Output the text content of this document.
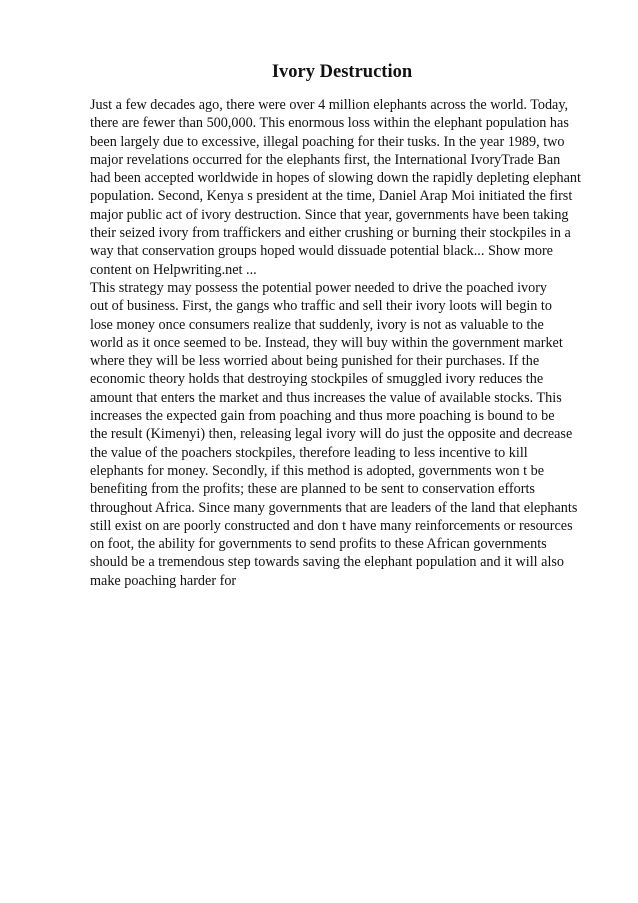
Ivory Destruction
Just a few decades ago, there were over 4 million elephants across the world. Today,
there are fewer than 500,000. This enormous loss within the elephant population has
been largely due to excessive, illegal poaching for their tusks. In the year 1989, two
major revelations occurred for the elephants first, the International IvoryTrade Ban
had been accepted worldwide in hopes of slowing down the rapidly depleting elephant
population. Second, Kenya s president at the time, Daniel Arap Moi initiated the first
major public act of ivory destruction. Since that year, governments have been taking
their seized ivory from traffickers and either crushing or burning their stockpiles in a
way that conservation groups hoped would dissuade potential black... Show more
content on Helpwriting.net ...
This strategy may possess the potential power needed to drive the poached ivory
out of business. First, the gangs who traffic and sell their ivory loots will begin to
lose money once consumers realize that suddenly, ivory is not as valuable to the
world as it once seemed to be. Instead, they will buy within the government market
where they will be less worried about being punished for their purchases. If the
economic theory holds that destroying stockpiles of smuggled ivory reduces the
amount that enters the market and thus increases the value of available stocks. This
increases the expected gain from poaching and thus more poaching is bound to be
the result (Kimenyi) then, releasing legal ivory will do just the opposite and decrease
the value of the poachers stockpiles, therefore leading to less incentive to kill
elephants for money. Secondly, if this method is adopted, governments won t be
benefiting from the profits; these are planned to be sent to conservation efforts
throughout Africa. Since many governments that are leaders of the land that elephants
still exist on are poorly constructed and don t have many reinforcements or resources
on foot, the ability for governments to send profits to these African governments
should be a tremendous step towards saving the elephant population and it will also
make poaching harder for
